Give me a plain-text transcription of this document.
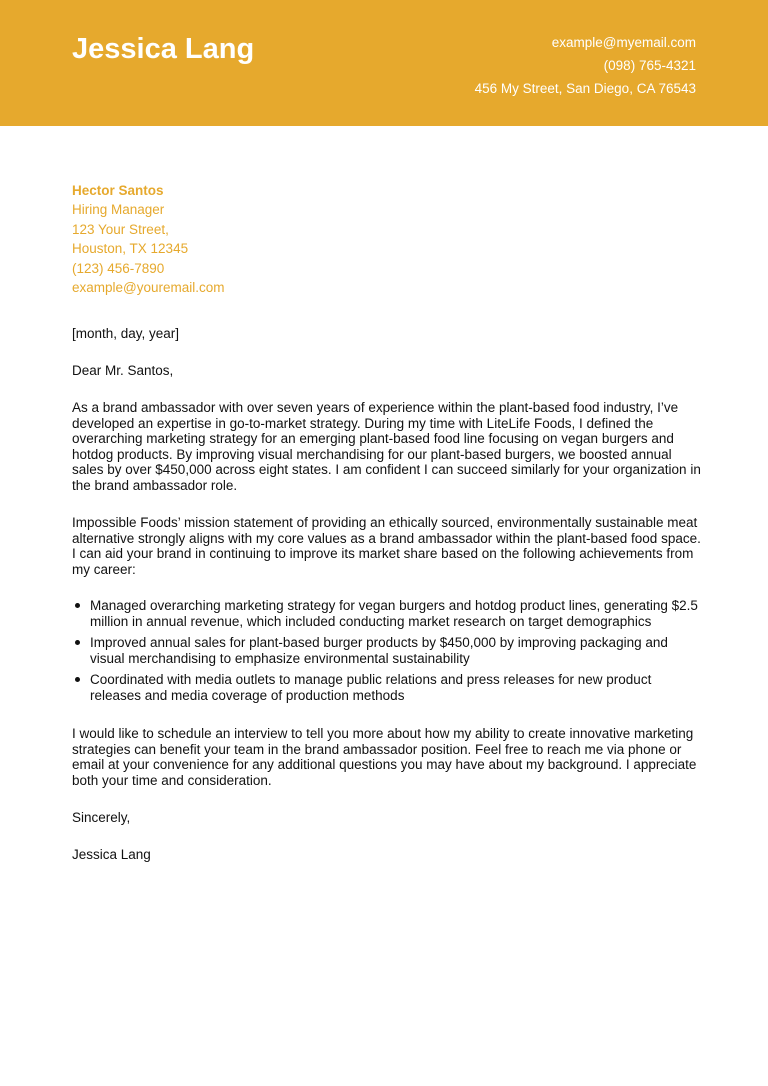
Jessica Lang	example@myemail.com
(098) 765-4321
456 My Street, San Diego, CA 76543
Hector Santos
Hiring Manager
123 Your Street,
Houston, TX 12345
(123) 456-7890
example@youremail.com

[month, day, year]

Dear Mr. Santos,

As a brand ambassador with over seven years of experience within the plant-based food industry, I’ve developed an expertise in go-to-market strategy. During my time with LiteLife Foods, I defined the overarching marketing strategy for an emerging plant-based food line focusing on vegan burgers and hotdog products. By improving visual merchandising for our plant-based burgers, we boosted annual sales by over $450,000 across eight states. I am confident I can succeed similarly for your organization in the brand ambassador role.

Impossible Foods’ mission statement of providing an ethically sourced, environmentally sustainable meat alternative strongly aligns with my core values as a brand ambassador within the plant-based food space. I can aid your brand in continuing to improve its market share based on the following achievements from my career:

Managed overarching marketing strategy for vegan burgers and hotdog product lines, generating $2.5 million in annual revenue, which included conducting market research on target demographics
Improved annual sales for plant-based burger products by $450,000 by improving packaging and visual merchandising to emphasize environmental sustainability
Coordinated with media outlets to manage public relations and press releases for new product releases and media coverage of production methods

I would like to schedule an interview to tell you more about how my ability to create innovative marketing strategies can benefit your team in the brand ambassador position. Feel free to reach me via phone or email at your convenience for any additional questions you may have about my background. I appreciate both your time and consideration.

Sincerely,

Jessica Lang
